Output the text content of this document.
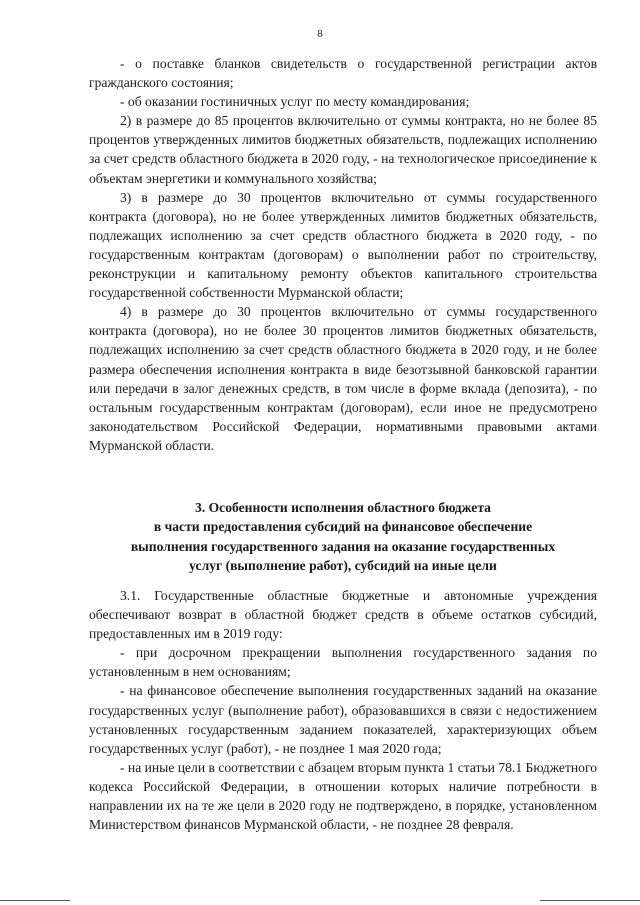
8

- о поставке бланков свидетельств о государственной регистрации актов гражданского состояния;

- об оказании гостиничных услуг по месту командирования;

2) в размере до 85 процентов включительно от суммы контракта, но не более 85 процентов утвержденных лимитов бюджетных обязательств, подлежащих исполнению за счет средств областного бюджета в 2020 году, - на технологическое присоединение к объектам энергетики и коммунального хозяйства;

3) в размере до 30 процентов включительно от суммы государственного контракта (договора), но не более утвержденных лимитов бюджетных обязательств, подлежащих исполнению за счет средств областного бюджета в 2020 году, - по государственным контрактам (договорам) о выполнении работ по строительству, реконструкции и капитальному ремонту объектов капитального строительства государственной собственности Мурманской области;

4) в размере до 30 процентов включительно от суммы государственного контракта (договора), но не более 30 процентов лимитов бюджетных обязательств, подлежащих исполнению за счет средств областного бюджета в 2020 году, и не более размера обеспечения исполнения контракта в виде безотзывной банковской гарантии или передачи в залог денежных средств, в том числе в форме вклада (депозита), - по остальным государственным контрактам (договорам), если иное не предусмотрено законодательством Российской Федерации, нормативными правовыми актами Мурманской области.

3. Особенности исполнения областного бюджета
в части предоставления субсидий на финансовое обеспечение
выполнения государственного задания на оказание государственных
услуг (выполнение работ), субсидий на иные цели

3.1. Государственные областные бюджетные и автономные учреждения обеспечивают возврат в областной бюджет средств в объеме остатков субсидий, предоставленных им в 2019 году:

- при досрочном прекращении выполнения государственного задания по установленным в нем основаниям;

- на финансовое обеспечение выполнения государственных заданий на оказание государственных услуг (выполнение работ), образовавшихся в связи с недостижением установленных государственным заданием показателей, характеризующих объем государственных услуг (работ), - не позднее 1 мая 2020 года;

- на иные цели в соответствии с абзацем вторым пункта 1 статьи 78.1 Бюджетного кодекса Российской Федерации, в отношении которых наличие потребности в направлении их на те же цели в 2020 году не подтверждено, в порядке, установленном Министерством финансов Мурманской области, - не позднее 28 февраля.
